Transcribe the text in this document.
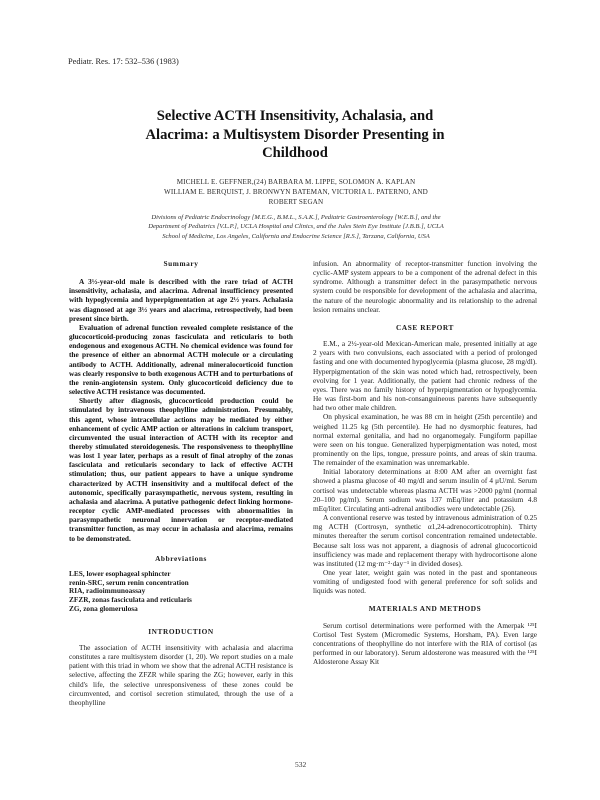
Pediatr. Res. 17: 532–536 (1983)
Selective ACTH Insensitivity, Achalasia, and
Alacrima: a Multisystem Disorder Presenting in
Childhood
MICHELL E. GEFFNER,(24) BARBARA M. LIPPE, SOLOMON A. KAPLAN
WILLIAM E. BERQUIST, J. BRONWYN BATEMAN, VICTORIA L. PATERNO, AND
ROBERT SEGAN
Divisions of Pediatric Endocrinology [M.E.G., B.M.L., S.A.K.], Pediatric Gastroenterology [W.E.B.], and the
Department of Pediatrics [V.L.P.], UCLA Hospital and Clinics, and the Jules Stein Eye Institute [J.B.B.], UCLA
School of Medicine, Los Angeles, California and Endocrine Science [R.S.], Tarzana, California, USA
Summary

A 3½-year-old male is described with the rare triad of ACTH insensitivity, achalasia, and alacrima. Adrenal insufficiency presented with hypoglycemia and hyperpigmentation at age 2½ years. Achalasia was diagnosed at age 3½ years and alacrima, retrospectively, had been present since birth.

Evaluation of adrenal function revealed complete resistance of the glucocorticoid-producing zonas fasciculata and reticularis to both endogenous and exogenous ACTH. No chemical evidence was found for the presence of either an abnormal ACTH molecule or a circulating antibody to ACTH. Additionally, adrenal mineralocorticoid function was clearly responsive to both exogenous ACTH and to perturbations of the renin-angiotensin system. Only glucocorticoid deficiency due to selective ACTH resistance was documented.

Shortly after diagnosis, glucocorticoid production could be stimulated by intravenous theophylline administration. Presumably, this agent, whose intracellular actions may be mediated by either enhancement of cyclic AMP action or alterations in calcium transport, circumvented the usual interaction of ACTH with its receptor and thereby stimulated steroidogenesis. The responsiveness to theophylline was lost 1 year later, perhaps as a result of final atrophy of the zonas fasciculata and reticularis secondary to lack of effective ACTH stimulation; thus, our patient appears to have a unique syndrome characterized by ACTH insensitivity and a multifocal defect of the autonomic, specifically parasympathetic, nervous system, resulting in achalasia and alacrima. A putative pathogenic defect linking hormone-receptor cyclic AMP-mediated processes with abnormalities in parasympathetic neuronal innervation or receptor-mediated transmitter function, as may occur in achalasia and alacrima, remains to be demonstrated.

Abbreviations
LES, lower esophageal sphincter
renin-SRC, serum renin concentration
RIA, radioimmunoassay
ZFZR, zonas fasciculata and reticularis
ZG, zona glomerulosa
INTRODUCTION

The association of ACTH insensitivity with achalasia and alacrima constitutes a rare multisystem disorder (1, 20). We report studies on a male patient with this triad in whom we show that the adrenal ACTH resistance is selective, affecting the ZFZR while sparing the ZG; however, early in this child's life, the selective unresponsiveness of these zones could be circumvented, and cortisol secretion stimulated, through the use of a theophylline

infusion. An abnormality of receptor-transmitter function involving the cyclic-AMP system appears to be a component of the adrenal defect in this syndrome. Although a transmitter defect in the parasympathetic nervous system could be responsible for development of the achalasia and alacrima, the nature of the neurologic abnormality and its relationship to the adrenal lesion remains unclear.

CASE REPORT

E.M., a 2½-year-old Mexican-American male, presented initially at age 2 years with two convulsions, each associated with a period of prolonged fasting and one with documented hypoglycemia (plasma glucose, 28 mg/dl). Hyperpigmentation of the skin was noted which had, retrospectively, been evolving for 1 year. Additionally, the patient had chronic redness of the eyes. There was no family history of hyperpigmentation or hypoglycemia. He was first-born and his non-consanguineous parents have subsequently had two other male children.

On physical examination, he was 88 cm in height (25th percentile) and weighed 11.25 kg (5th percentile). He had no dysmorphic features, had normal external genitalia, and had no organomegaly. Fungiform papillae were seen on his tongue. Generalized hyperpigmentation was noted, most prominently on the lips, tongue, pressure points, and areas of skin trauma. The remainder of the examination was unremarkable.

Initial laboratory determinations at 8:00 AM after an overnight fast showed a plasma glucose of 40 mg/dl and serum insulin of 4 μU/ml. Serum cortisol was undetectable whereas plasma ACTH was >2000 pg/ml (normal 20–100 pg/ml). Serum sodium was 137 mEq/liter and potassium 4.8 mEq/liter. Circulating anti-adrenal antibodies were undetectable (26).

A conventional reserve was tested by intravenous administration of 0.25 mg ACTH (Cortrosyn, synthetic α1,24-adrenocorticotrophin). Thirty minutes thereafter the serum cortisol concentration remained undetectable. Because salt loss was not apparent, a diagnosis of adrenal glucocorticoid insufficiency was made and replacement therapy with hydrocortisone alone was instituted (12 mg·m⁻²·day⁻¹ in divided doses).

One year later, weight gain was noted in the past and spontaneous vomiting of undigested food with general preference for soft solids and liquids was noted.

MATERIALS AND METHODS

Serum cortisol determinations were performed with the Amerpak ¹²⁵I Cortisol Test System (Micromedic Systems, Horsham, PA). Even large concentrations of theophylline do not interfere with the RIA of cortisol (as performed in our laboratory). Serum aldosterone was measured with the ¹²⁵I Aldosterone Assay Kit

532
